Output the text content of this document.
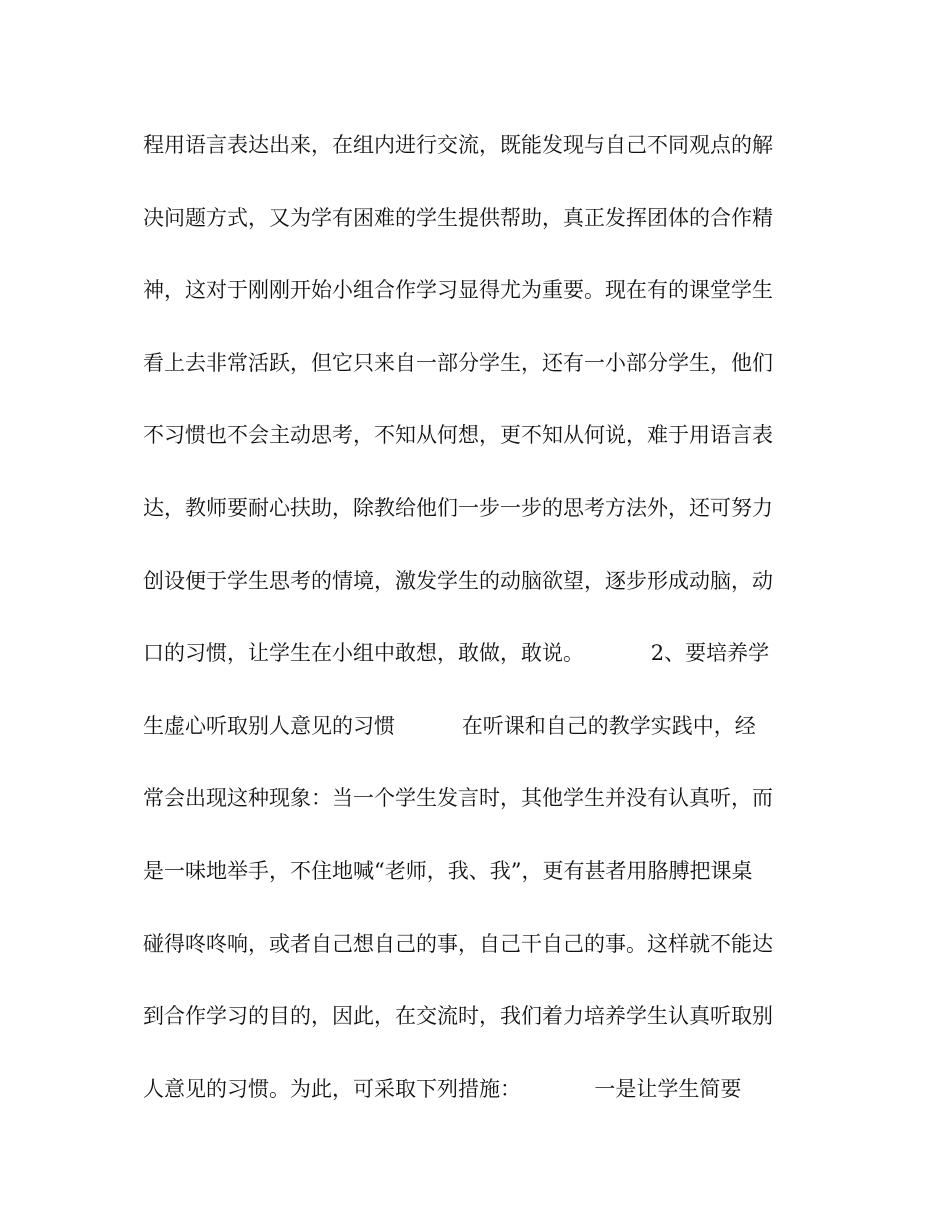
程用语言表达出来，在组内进行交流，既能发现与自己不同观点的解
决问题方式，又为学有困难的学生提供帮助，真正发挥团体的合作精
神，这对于刚刚开始小组合作学习显得尤为重要。现在有的课堂学生
看上去非常活跃，但它只来自一部分学生，还有一小部分学生，他们
不习惯也不会主动思考，不知从何想，更不知从何说，难于用语言表
达，教师要耐心扶助，除教给他们一步一步的思考方法外，还可努力
创设便于学生思考的情境，激发学生的动脑欲望，逐步形成动脑，动
口的习惯，让学生在小组中敢想，敢做，敢说。          2、要培养学
生虚心听取别人意见的习惯          在听课和自己的教学实践中，经
常会出现这种现象：当一个学生发言时，其他学生并没有认真听，而
是一味地举手，不住地喊“老师，我、我”，更有甚者用胳膊把课桌
碰得咚咚响，或者自己想自己的事，自己干自己的事。这样就不能达
到合作学习的目的，因此，在交流时，我们着力培养学生认真听取别
人意见的习惯。为此，可采取下列措施：           一是让学生简要
